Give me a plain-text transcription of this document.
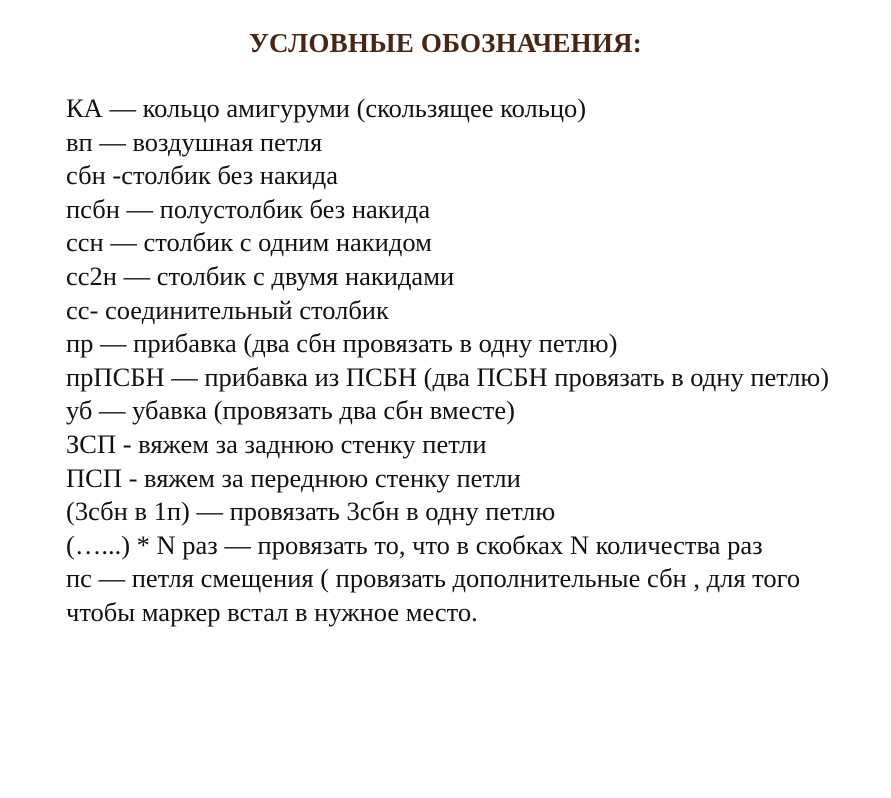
УСЛОВНЫЕ ОБОЗНАЧЕНИЯ:
КА — кольцо амигуруми (скользящее кольцо)
вп — воздушная петля
сбн -столбик без накида
псбн — полустолбик без накида
ссн — столбик с одним накидом
сс2н — столбик с двумя накидами
сс- соединительный столбик
пр — прибавка (два сбн провязать в одну петлю)
прПСБН — прибавка из ПСБН (два ПСБН провязать в одну петлю)
уб — убавка (провязать два сбн вместе)
ЗСП - вяжем за заднюю стенку петли
ПСП - вяжем за переднюю стенку петли
(3сбн в 1п) — провязать 3сбн в одну петлю
(…...) * N раз — провязать то, что в скобках N количества раз
пс — петля смещения ( провязать дополнительные сбн , для того чтобы маркер встал в нужное место.
